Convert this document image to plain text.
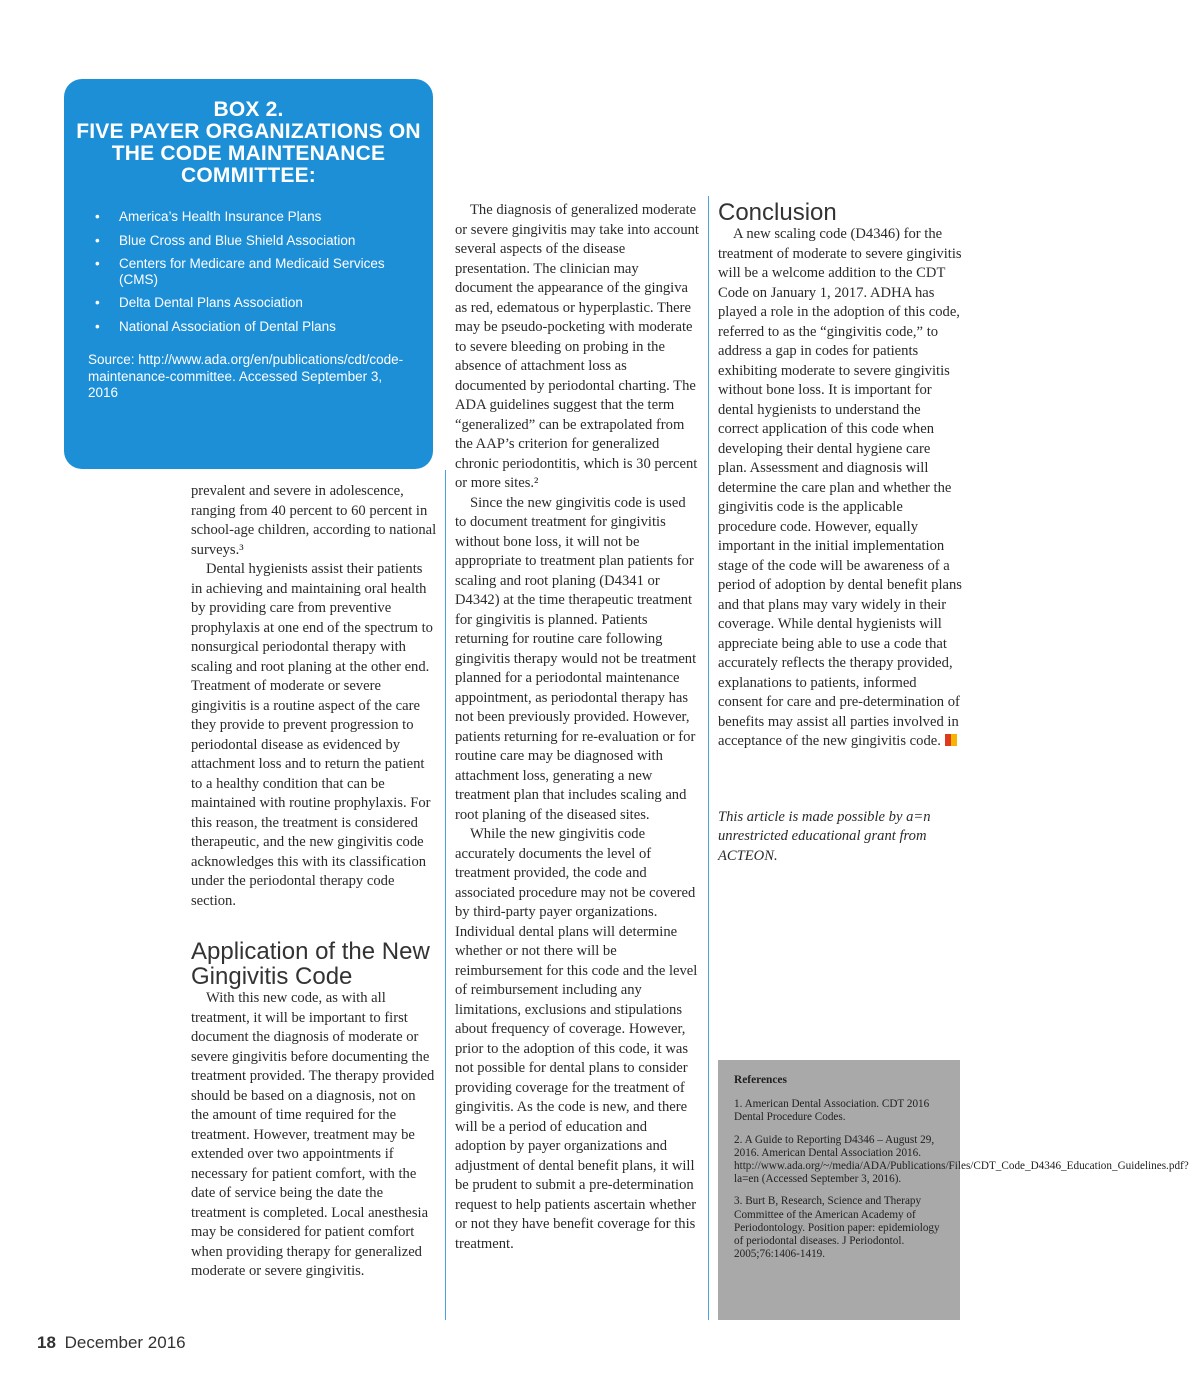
BOX 2.
FIVE PAYER ORGANIZATIONS ON THE CODE MAINTENANCE COMMITTEE:
• America’s Health Insurance Plans
• Blue Cross and Blue Shield Association
• Centers for Medicare and Medicaid Services (CMS)
• Delta Dental Plans Association
• National Association of Dental Plans
Source: http://www.ada.org/en/publications/cdt/code-maintenance-committee. Accessed September 3, 2016

prevalent and severe in adolescence, ranging from 40 percent to 60 percent in school-age children, according to national surveys.³

Dental hygienists assist their patients in achieving and maintaining oral health by providing care from preventive prophylaxis at one end of the spectrum to nonsurgical periodontal therapy with scaling and root planing at the other end. Treatment of moderate or severe gingivitis is a routine aspect of the care they provide to prevent progression to periodontal disease as evidenced by attachment loss and to return the patient to a healthy condition that can be maintained with routine prophylaxis. For this reason, the treatment is considered therapeutic, and the new gingivitis code acknowledges this with its classification under the periodontal therapy code section.

Application of the New Gingivitis Code

With this new code, as with all treatment, it will be important to first document the diagnosis of moderate or severe gingivitis before documenting the treatment provided. The therapy provided should be based on a diagnosis, not on the amount of time required for the treatment. However, treatment may be extended over two appointments if necessary for patient comfort, with the date of service being the date the treatment is completed. Local anesthesia may be considered for patient comfort when providing therapy for generalized moderate or severe gingivitis.

The diagnosis of generalized moderate or severe gingivitis may take into account several aspects of the disease presentation. The clinician may document the appearance of the gingiva as red, edematous or hyperplastic. There may be pseudo-pocketing with moderate to severe bleeding on probing in the absence of attachment loss as documented by periodontal charting. The ADA guidelines suggest that the term “generalized” can be extrapolated from the AAP’s criterion for generalized chronic periodontitis, which is 30 percent or more sites.²

Since the new gingivitis code is used to document treatment for gingivitis without bone loss, it will not be appropriate to treatment plan patients for scaling and root planing (D4341 or D4342) at the time therapeutic treatment for gingivitis is planned. Patients returning for routine care following gingivitis therapy would not be treatment planned for a periodontal maintenance appointment, as periodontal therapy has not been previously provided. However, patients returning for re-evaluation or for routine care may be diagnosed with attachment loss, generating a new treatment plan that includes scaling and root planing of the diseased sites.

While the new gingivitis code accurately documents the level of treatment provided, the code and associated procedure may not be covered by third-party payer organizations. Individual dental plans will determine whether or not there will be reimbursement for this code and the level of reimbursement including any limitations, exclusions and stipulations about frequency of coverage. However, prior to the adoption of this code, it was not possible for dental plans to consider providing coverage for the treatment of gingivitis. As the code is new, and there will be a period of education and adoption by payer organizations and adjustment of dental benefit plans, it will be prudent to submit a pre-determination request to help patients ascertain whether or not they have benefit coverage for this treatment.

Conclusion

A new scaling code (D4346) for the treatment of moderate to severe gingivitis will be a welcome addition to the CDT Code on January 1, 2017. ADHA has played a role in the adoption of this code, referred to as the “gingivitis code,” to address a gap in codes for patients exhibiting moderate to severe gingivitis without bone loss. It is important for dental hygienists to understand the correct application of this code when developing their dental hygiene care plan. Assessment and diagnosis will determine the care plan and whether the gingivitis code is the applicable procedure code. However, equally important in the initial implementation stage of the code will be awareness of a period of adoption by dental benefit plans and that plans may vary widely in their coverage. While dental hygienists will appreciate being able to use a code that accurately reflects the therapy provided, explanations to patients, informed consent for care and pre-determination of benefits may assist all parties involved in acceptance of the new gingivitis code.

This article is made possible by a=n unrestricted educational grant from ACTEON.

References

1. American Dental Association. CDT 2016 Dental Procedure Codes.

2. A Guide to Reporting D4346 – August 29, 2016. American Dental Association 2016. http://www.ada.org/~/media/ADA/Publications/Files/CDT_Code_D4346_Education_Guidelines.pdf?la=en (Accessed September 3, 2016).

3. Burt B, Research, Science and Therapy Committee of the American Academy of Periodontology. Position paper: epidemiology of periodontal diseases. J Periodontol. 2005;76:1406-1419.

18 December 2016
